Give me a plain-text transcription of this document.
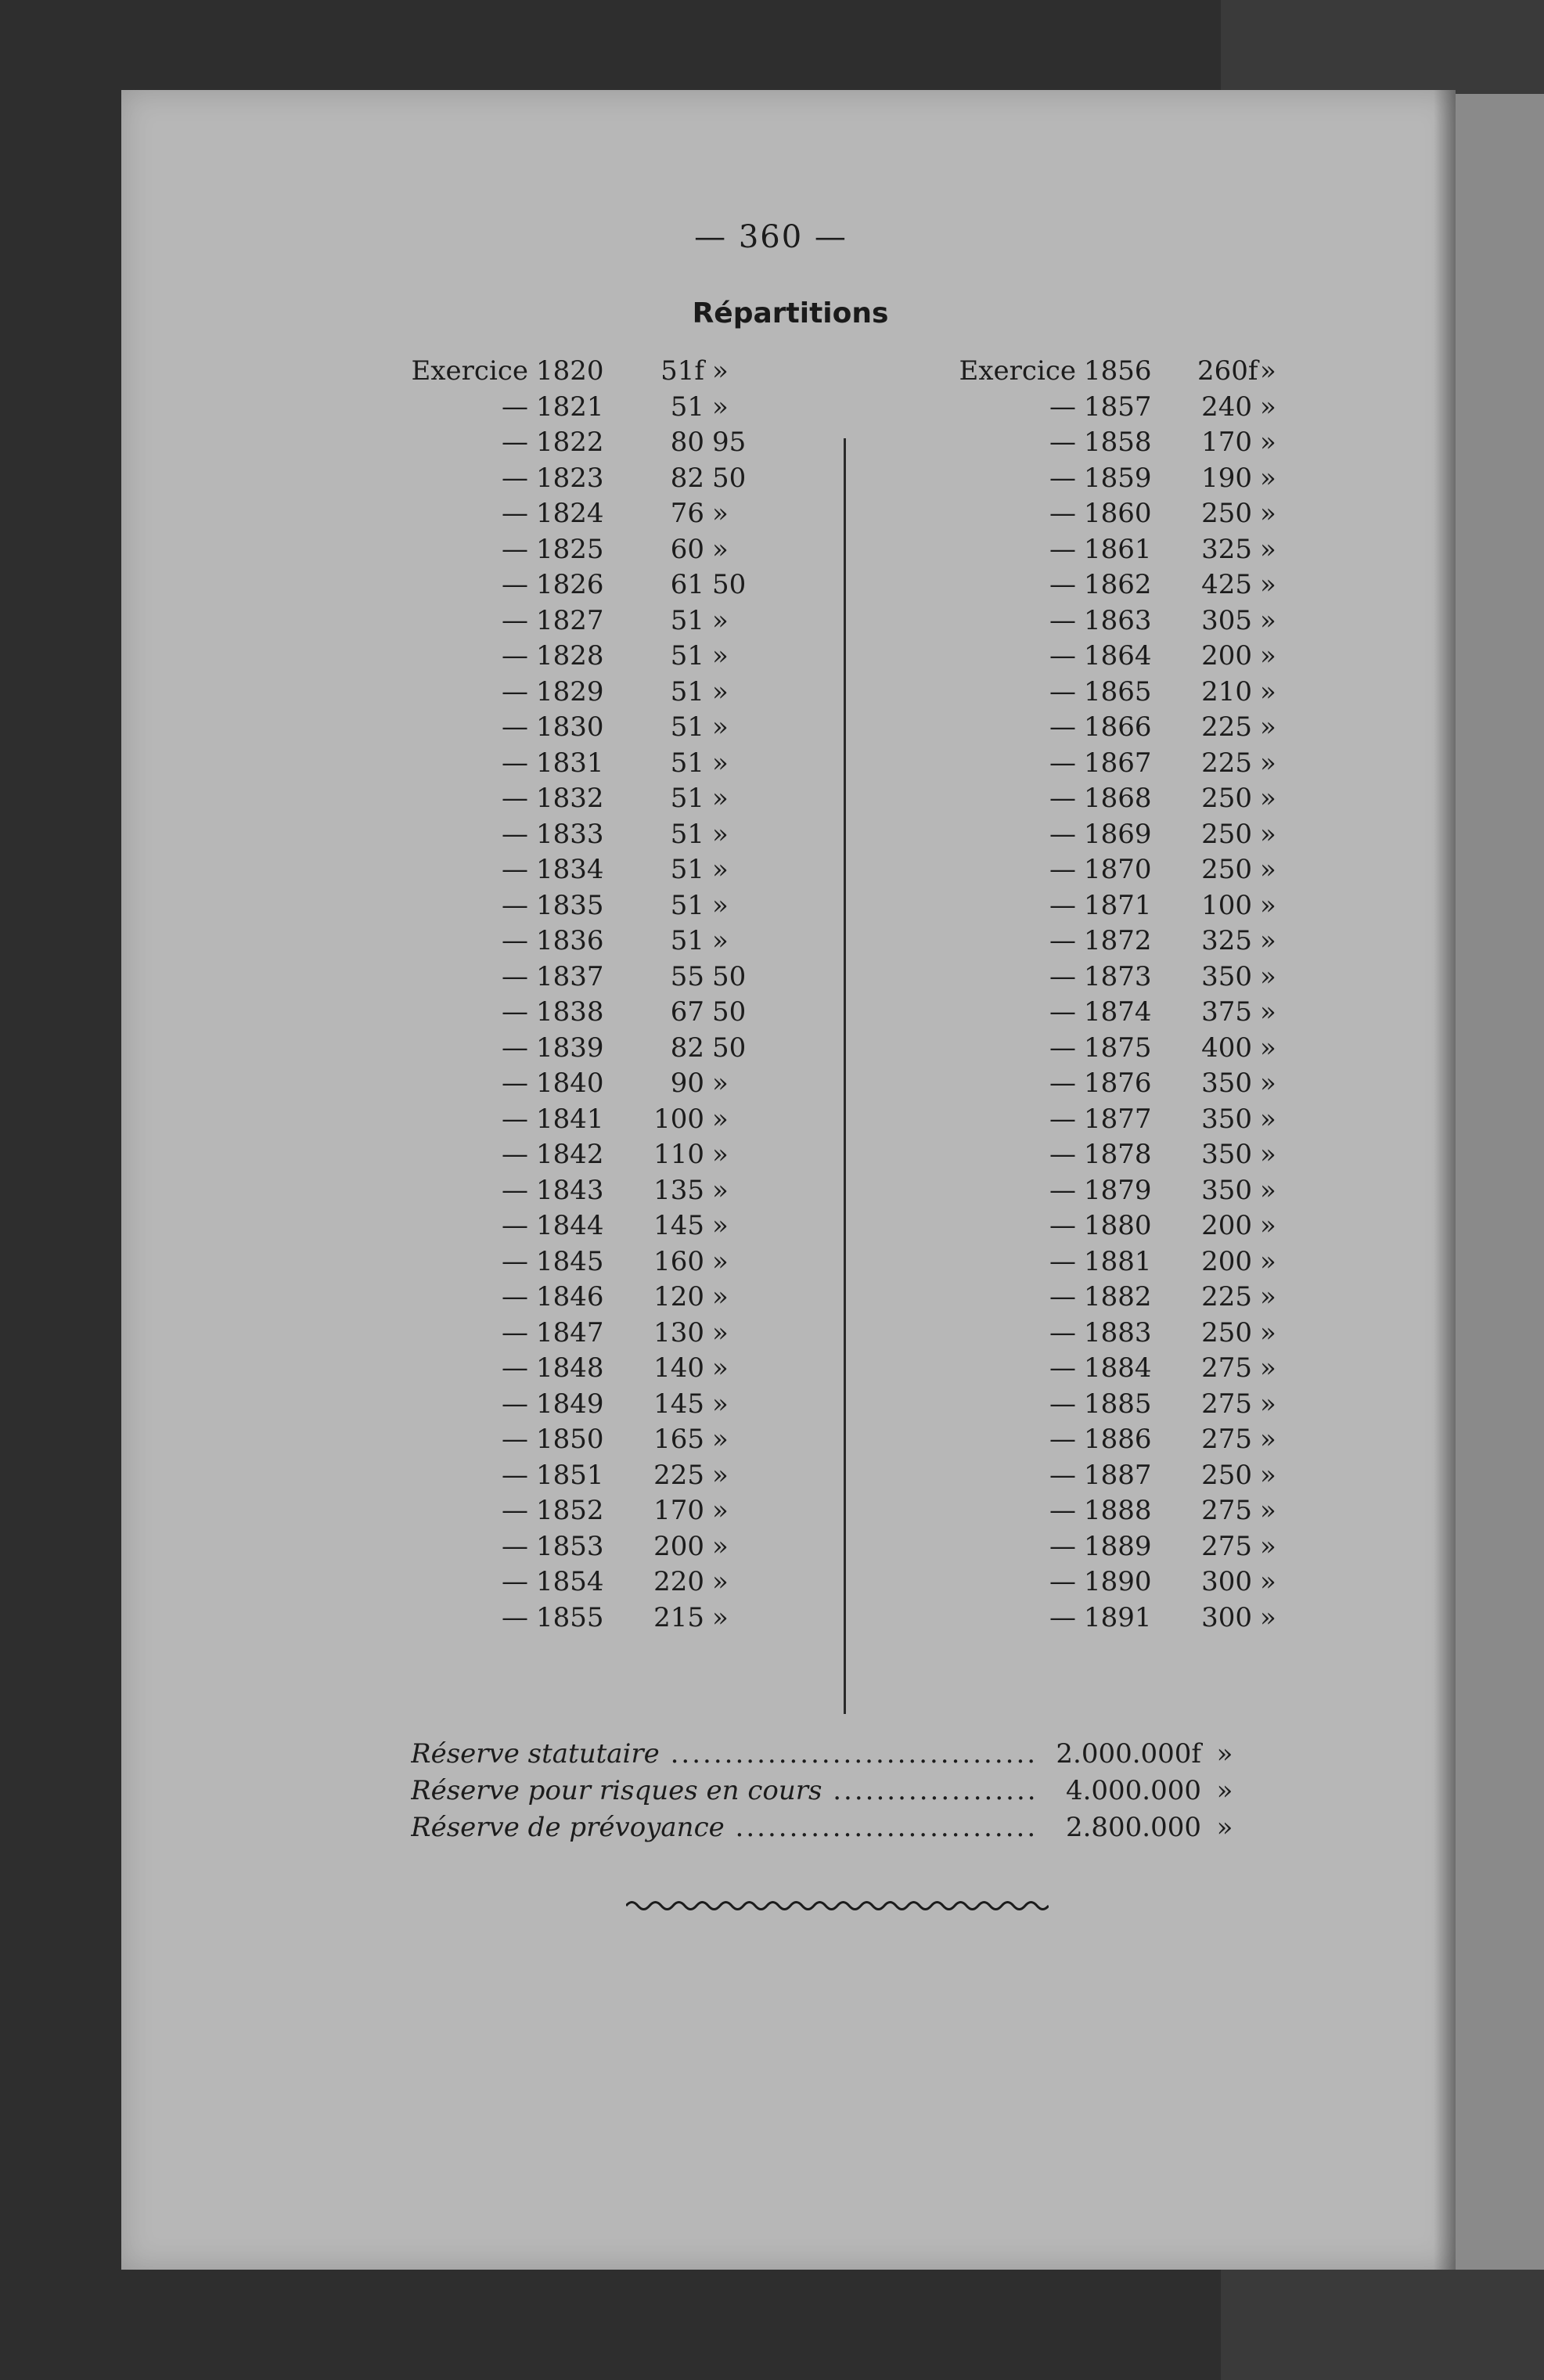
— 360 —
Répartitions
Exercice 1820	51f »
— 1821	51 »
— 1822	80 95
— 1823	82 50
— 1824	76 »
— 1825	60 »
— 1826	61 50
— 1827	51 »
— 1828	51 »
— 1829	51 »
— 1830	51 »
— 1831	51 »
— 1832	51 »
— 1833	51 »
— 1834	51 »
— 1835	51 »
— 1836	51 »
— 1837	55 50
— 1838	67 50
— 1839	82 50
— 1840	90 »
— 1841 100 »
— 1842 110 »
— 1843 135 »
— 1844 145 »
— 1845 160 »
— 1846 120 »
— 1847 130 »
— 1848 140 »
— 1849 145 »
— 1850 165 »
— 1851 225 »
— 1852 170 »
— 1853 200 »
— 1854 220 »
— 1855 215 »
Exercice 1856 260f »
— 1857 240 »
— 1858 170 »
— 1859 190 »
— 1860 250 »
— 1861 325 »
— 1862 425 »
— 1863 305 »
— 1864 200 »
— 1865 210 »
— 1866 225 »
— 1867 225 »
— 1868 250 »
— 1869 250 »
— 1870 250 »
— 1871 100 »
— 1872 325 »
— 1873 350 »
— 1874 375 »
— 1875 400 »
— 1876 350 »
— 1877 350 »
— 1878 350 »
— 1879 350 »
— 1880 200 »
— 1881 200 »
— 1882 225 »
— 1883 250 »
— 1884 275 »
— 1885 275 »
— 1886 275 »
— 1887 250 »
— 1888 275 »
— 1889 275 »
— 1890 300 »
— 1891 300 »
Réserve statutaire .....	2.000.000f »
Réserve pour risques en cours .....	4.000.000 »
Réserve de prévoyance .....	2.800.000 »
